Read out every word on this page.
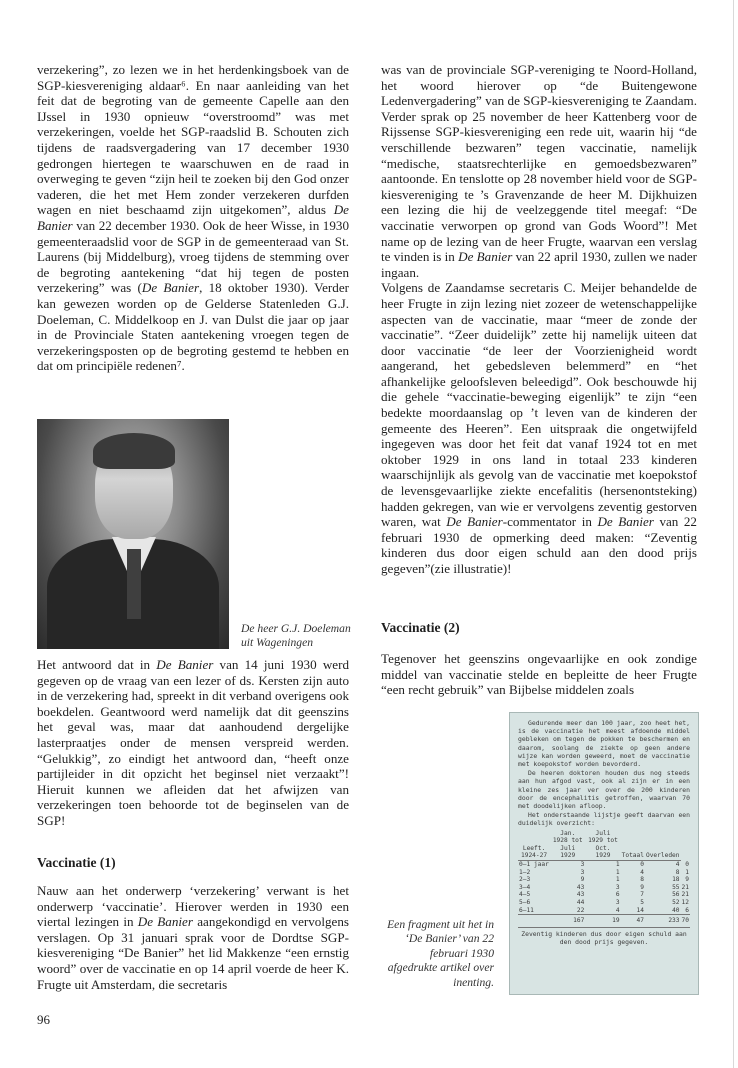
verzekering”, zo lezen we in het herdenkingsboek van de SGP-kiesvereniging aldaar⁶. En naar aanleiding van het feit dat de begroting van de gemeente Capelle aan den IJssel in 1930 opnieuw “overstroomd” was met verzekeringen, voelde het SGP-raadslid B. Schouten zich tijdens de raadsvergadering van 17 december 1930 gedrongen hiertegen te waarschuwen en de raad in overweging te geven “zijn heil te zoeken bij den God onzer vaderen, die het met Hem zonder verzekeren durfden wagen en niet beschaamd zijn uitgekomen”, aldus De Banier van 22 december 1930. Ook de heer Wisse, in 1930 gemeenteraadslid voor de SGP in de gemeenteraad van St. Laurens (bij Middelburg), vroeg tijdens de stemming over de begroting aantekening “dat hij tegen de posten verzekering” was (De Banier, 18 oktober 1930). Verder kan gewezen worden op de Gelderse Statenleden G.J. Doeleman, C. Middelkoop en J. van Dulst die jaar op jaar in de Provinciale Staten aantekening vroegen tegen de verzekeringsposten op de begroting gestemd te hebben en dat om principiële redenen⁷.

De heer G.J. Doeleman
uit Wageningen

Het antwoord dat in De Banier van 14 juni 1930 werd gegeven op de vraag van een lezer of ds. Kersten zijn auto in de verzekering had, spreekt in dit verband overigens ook boekdelen. Geantwoord werd namelijk dat dit geenszins het geval was, maar dat aanhoudend dergelijke lasterpraatjes onder de mensen verspreid werden. “Gelukkig”, zo eindigt het antwoord dan, “heeft onze partijleider in dit opzicht het beginsel niet verzaakt”! Hieruit kunnen we afleiden dat het afwijzen van verzekeringen toen behoorde tot de beginselen van de SGP!

Vaccinatie (1)

Nauw aan het onderwerp ‘verzekering’ verwant is het onderwerp ‘vaccinatie’. Hierover werden in 1930 een viertal lezingen in De Banier aangekondigd en vervolgens verslagen. Op 31 januari sprak voor de Dordtse SGP-kiesvereniging “De Banier” het lid Makkenze “een ernstig woord” over de vaccinatie en op 14 april voerde de heer K. Frugte uit Amsterdam, die secretaris

was van de provinciale SGP-vereniging te Noord-Holland, het woord hierover op “de Buitengewone Ledenvergadering” van de SGP-kiesvereniging te Zaandam. Verder sprak op 25 november de heer Kattenberg voor de Rijssense SGP-kiesvereniging een rede uit, waarin hij “de verschillende bezwaren” tegen vaccinatie, namelijk “medische, staatsrechterlijke en gemoedsbezwaren” aantoonde. En tenslotte op 28 november hield voor de SGP-kiesvereniging te ’s Gravenzande de heer M. Dijkhuizen een lezing die hij de veelzeggende titel meegaf: “De vaccinatie verworpen op grond van Gods Woord”! Met name op de lezing van de heer Frugte, waarvan een verslag te vinden is in De Banier van 22 april 1930, zullen we nader ingaan.

Volgens de Zaandamse secretaris C. Meijer behandelde de heer Frugte in zijn lezing niet zozeer de wetenschappelijke aspecten van de vaccinatie, maar “meer de zonde der vaccinatie”. “Zeer duidelijk” zette hij namelijk uiteen dat door vaccinatie “de leer der Voorzienigheid wordt aangerand, het gebedsleven belemmerd” en “het afhankelijke geloofsleven beleedigd”. Ook beschouwde hij die gehele “vaccinatie-beweging eigenlijk” te zijn “een bedekte moordaanslag op ’t leven van de kinderen der gemeente des Heeren”. Een uitspraak die ongetwijfeld ingegeven was door het feit dat vanaf 1924 tot en met oktober 1929 in ons land in totaal 233 kinderen waarschijnlijk als gevolg van de vaccinatie met koepokstof de levensgevaarlijke ziekte encefalitis (hersenontsteking) hadden gekregen, van wie er vervolgens zeventig gestorven waren, wat De Banier-commentator in De Banier van 22 februari 1930 de opmerking deed maken: “Zeventig kinderen dus door eigen schuld aan den dood prijs gegeven”(zie illustratie)!

Vaccinatie (2)

Tegenover het geenszins ongevaarlijke en ook zondige middel van vaccinatie stelde en bepleitte de heer Frugte “een recht gebruik” van Bijbelse middelen zoals

Een fragment uit het in
‘De Banier’ van 22
februari 1930
afgedrukte artikel over
inenting.

Gedurende meer dan 100 jaar, zoo heet het, is de vaccinatie het meest afdoende middel gebleken om tegen de pokken te beschermen en daarom, soolang de ziekte op geen andere wijze kan worden geweerd, moet de vaccinatie met koepokstof worden bevorderd.

De heeren doktoren houden dus nog steeds aan hun afgod vast, ook al zijn er in een kleine zes jaar ver over de 200 kinderen door de encephalitis getroffen, waarvan 70 met doodelijken afloop.

Het onderstaande lijstje geeft daarvan een duidelijk overzicht:

Leeft. 1924-27	Jan. 1928 tot Juli 1929	Juli 1929 tot Oct. 1929	Totaal	Overleden	
0—1 jaar	3	1	0	4	0
1—2	3	1	4	8	1
2—3	9	1	8	18	9
3—4	43	3	9	55	21
4—5	43	6	7	56	21
5—6	44	3	5	52	12
6—11	22	4	14	40	6
	167	19	47	233	70

Zeventig kinderen dus door eigen schuld aan den dood prijs gegeven.

96
